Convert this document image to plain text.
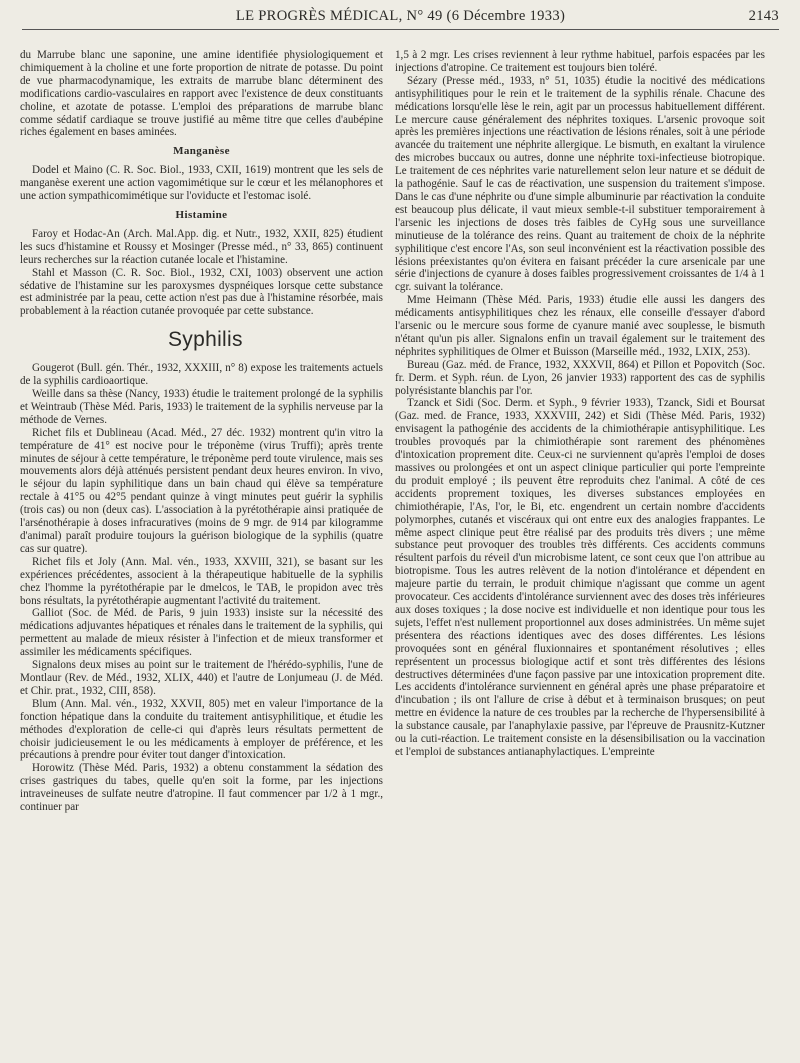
LE PROGRÈS MÉDICAL, N° 49 (6 Décembre 1933)	2143

du Marrube blanc une saponine, une amine identifiée physiologiquement et chimiquement à la choline et une forte proportion de nitrate de potasse. Du point de vue pharmacodynamique, les extraits de marrube blanc déterminent des modifications cardio-vasculaires en rapport avec l'existence de deux constituants choline, et azotate de potasse. L'emploi des préparations de marrube blanc comme sédatif cardiaque se trouve justifié au même titre que celles d'aubépine riches également en bases aminées.

Manganèse

Dodel et Maino (C. R. Soc. Biol., 1933, CXII, 1619) montrent que les sels de manganèse exerent une action vagomimétique sur le cœur et les mélanophores et une action sympathicomimétique sur l'oviducte et l'estomac isolé.

Histamine

Faroy et Hodac-An (Arch. Mal.App. dig. et Nutr., 1932, XXII, 825) étudient les sucs d'histamine et Roussy et Mosinger (Presse méd., n° 33, 865) continuent leurs recherches sur la réaction cutanée locale et l'histamine.

Stahl et Masson (C. R. Soc. Biol., 1932, CXI, 1003) observent une action sédative de l'histamine sur les paroxysmes dyspnéiques lorsque cette substance est administrée par la peau, cette action n'est pas due à l'histamine résorbée, mais probablement à la réaction cutanée provoquée par cette substance.

Syphilis

Gougerot (Bull. gén. Thér., 1932, XXXIII, n° 8) expose les traitements actuels de la syphilis cardioaortique.

Weille dans sa thèse (Nancy, 1933) étudie le traitement prolongé de la syphilis et Weintraub (Thèse Méd. Paris, 1933) le traitement de la syphilis nerveuse par la méthode de Vernes.

Richet fils et Dublineau (Acad. Méd., 27 déc. 1932) montrent qu'in vitro la température de 41° est nocive pour le tréponème (virus Truffi); après trente minutes de séjour à cette température, le tréponème perd toute virulence, mais ses mouvements alors déjà atténués persistent pendant deux heures environ. In vivo, le séjour du lapin syphilitique dans un bain chaud qui élève sa température rectale à 41°5 ou 42°5 pendant quinze à vingt minutes peut guérir la syphilis (trois cas) ou non (deux cas). L'association à la pyrétothérapie ainsi pratiquée de l'arsénothérapie à doses infracuratives (moins de 9 mgr. de 914 par kilogramme d'animal) paraît produire toujours la guérison biologique de la syphilis (quatre cas sur quatre).

Richet fils et Joly (Ann. Mal. vén., 1933, XXVIII, 321), se basant sur les expériences précédentes, associent à la thérapeutique habituelle de la syphilis chez l'homme la pyrétothérapie par le dmelcos, le TAB, le propidon avec très bons résultats, la pyrétothérapie augmentant l'activité du traitement.

Galliot (Soc. de Méd. de Paris, 9 juin 1933) insiste sur la nécessité des médications adjuvantes hépatiques et rénales dans le traitement de la syphilis, qui permettent au malade de mieux résister à l'infection et de mieux transformer et assimiler les médicaments spécifiques.

Signalons deux mises au point sur le traitement de l'hérédo-syphilis, l'une de Montlaur (Rev. de Méd., 1932, XLIX, 440) et l'autre de Lonjumeau (J. de Méd. et Chir. prat., 1932, CIII, 858).

Blum (Ann. Mal. vén., 1932, XXVII, 805) met en valeur l'importance de la fonction hépatique dans la conduite du traitement antisyphilitique, et étudie les méthodes d'exploration de celle-ci qui d'après leurs résultats permettent de choisir judicieusement le ou les médicaments à employer de préférence, et les précautions à prendre pour éviter tout danger d'intoxication.

Horowitz (Thèse Méd. Paris, 1932) a obtenu constamment la sédation des crises gastriques du tabes, quelle qu'en soit la forme, par les injections intraveineuses de sulfate neutre d'atropine. Il faut commencer par 1/2 à 1 mgr., continuer par

1,5 à 2 mgr. Les crises reviennent à leur rythme habituel, parfois espacées par les injections d'atropine. Ce traitement est toujours bien toléré.

Sézary (Presse méd., 1933, n° 51, 1035) étudie la nocitivé des médications antisyphilitiques pour le rein et le traitement de la syphilis rénale. Chacune des médications lorsqu'elle lèse le rein, agit par un processus habituellement différent. Le mercure cause généralement des néphrites toxiques. L'arsenic provoque soit après les premières injections une réactivation de lésions rénales, soit à une période avancée du traitement une néphrite allergique. Le bismuth, en exaltant la virulence des microbes buccaux ou autres, donne une néphrite toxi-infectieuse biotropique. Le traitement de ces néphrites varie naturellement selon leur nature et se déduit de la pathogénie. Sauf le cas de réactivation, une suspension du traitement s'impose. Dans le cas d'une néphrite ou d'une simple albuminurie par réactivation la conduite est beaucoup plus délicate, il vaut mieux semble-t-il substituer temporairement à l'arsenic les injections de doses très faibles de CyHg sous une surveillance minutieuse de la tolérance des reins. Quant au traitement de choix de la néphrite syphilitique c'est encore l'As, son seul inconvénient est la réactivation possible des lésions préexistantes qu'on évitera en faisant précéder la cure arsenicale par une série d'injections de cyanure à doses faibles progressivement croissantes de 1/4 à 1 cgr. suivant la tolérance.

Mme Heimann (Thèse Méd. Paris, 1933) étudie elle aussi les dangers des médicaments antisyphilitiques chez les rénaux, elle conseille d'essayer d'abord l'arsenic ou le mercure sous forme de cyanure manié avec souplesse, le bismuth n'étant qu'un pis aller. Signalons enfin un travail également sur le traitement des néphrites syphilitiques de Olmer et Buisson (Marseille méd., 1932, LXIX, 253).

Bureau (Gaz. méd. de France, 1932, XXXVII, 864) et Pillon et Popovitch (Soc. fr. Derm. et Syph. réun. de Lyon, 26 janvier 1933) rapportent des cas de syphilis polyrésistante blanchis par l'or.

Tzanck et Sidi (Soc. Derm. et Syph., 9 février 1933), Tzanck, Sidi et Boursat (Gaz. med. de France, 1933, XXXVIII, 242) et Sidi (Thèse Méd. Paris, 1932) envisagent la pathogénie des accidents de la chimiothérapie antisyphilitique. Les troubles provoqués par la chimiothérapie sont rarement des phénomènes d'intoxication proprement dite. Ceux-ci ne surviennent qu'après l'emploi de doses massives ou prolongées et ont un aspect clinique particulier qui porte l'empreinte du produit employé ; ils peuvent être reproduits chez l'animal. A côté de ces accidents proprement toxiques, les diverses substances employées en chimiothérapie, l'As, l'or, le Bi, etc. engendrent un certain nombre d'accidents polymorphes, cutanés et viscéraux qui ont entre eux des analogies frappantes. Le même aspect clinique peut être réalisé par des produits très divers ; une même substance peut provoquer des troubles très différents. Ces accidents communs résultent parfois du réveil d'un microbisme latent, ce sont ceux que l'on attribue au biotropisme. Tous les autres relèvent de la notion d'intolérance et dépendent en majeure partie du terrain, le produit chimique n'agissant que comme un agent provocateur. Ces accidents d'intolérance surviennent avec des doses très inférieures aux doses toxiques ; la dose nocive est individuelle et non identique pour tous les sujets, l'effet n'est nullement proportionnel aux doses administrées. Un même sujet présentera des réactions identiques avec des doses différentes. Les lésions provoquées sont en général fluxionnaires et spontanément résolutives ; elles représentent un processus biologique actif et sont très différentes des lésions destructives déterminées d'une façon passive par une intoxication proprement dite. Les accidents d'intolérance surviennent en général après une phase préparatoire et d'incubation ; ils ont l'allure de crise à début et à terminaison brusques; on peut mettre en évidence la nature de ces troubles par la recherche de l'hypersensibilité à la substance causale, par l'anaphylaxie passive, par l'épreuve de Prausnitz-Kutzner ou la cuti-réaction. Le traitement consiste en la désensibilisation ou la vaccination et l'emploi de substances antianaphylactiques. L'empreinte
